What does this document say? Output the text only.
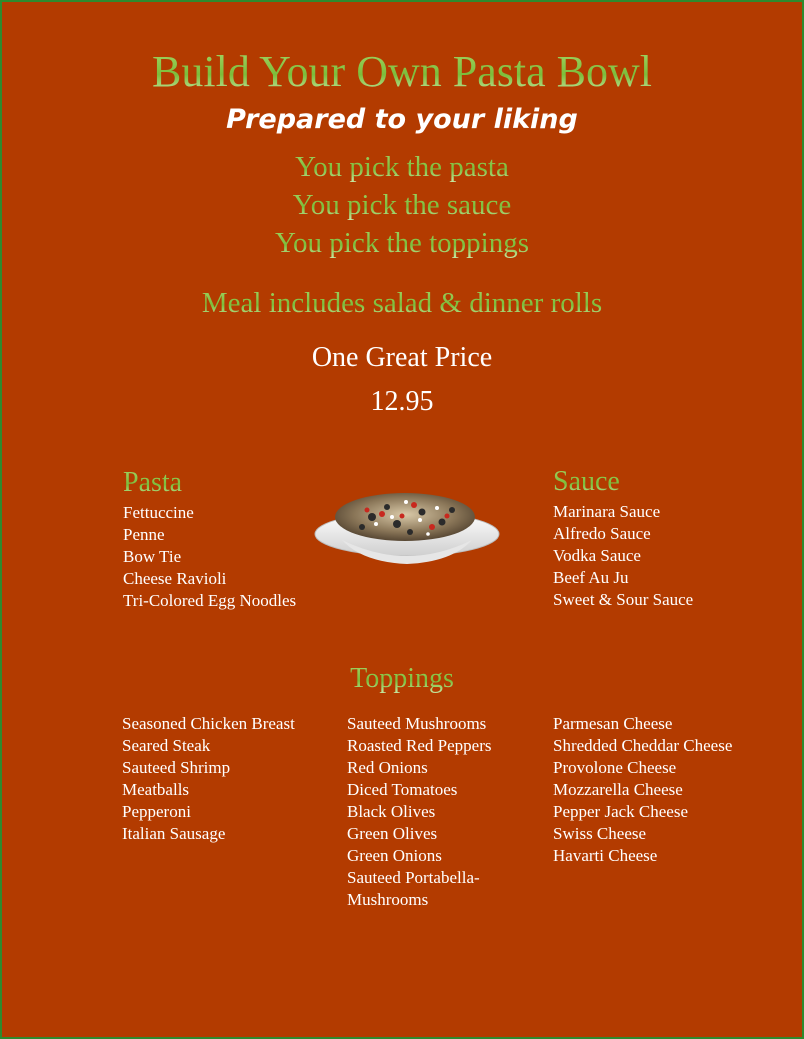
Build Your Own Pasta Bowl
Prepared to your liking
You pick the pasta
You pick the sauce
You pick the toppings
Meal includes salad & dinner rolls
One Great Price
12.95
Pasta
Fettuccine
Penne
Bow Tie
Cheese Ravioli
Tri-Colored Egg Noodles
Sauce
Marinara Sauce
Alfredo Sauce
Vodka Sauce
Beef Au Ju
Sweet & Sour Sauce
Toppings
Seasoned Chicken Breast
Seared Steak
Sauteed Shrimp
Meatballs
Pepperoni
Italian Sausage
Sauteed Mushrooms
Roasted Red Peppers
Red Onions
Diced Tomatoes
Black Olives
Green Olives
Green Onions
Sauteed Portabella-
Mushrooms
Parmesan Cheese
Shredded Cheddar Cheese
Provolone Cheese
Mozzarella Cheese
Pepper Jack Cheese
Swiss Cheese
Havarti Cheese
